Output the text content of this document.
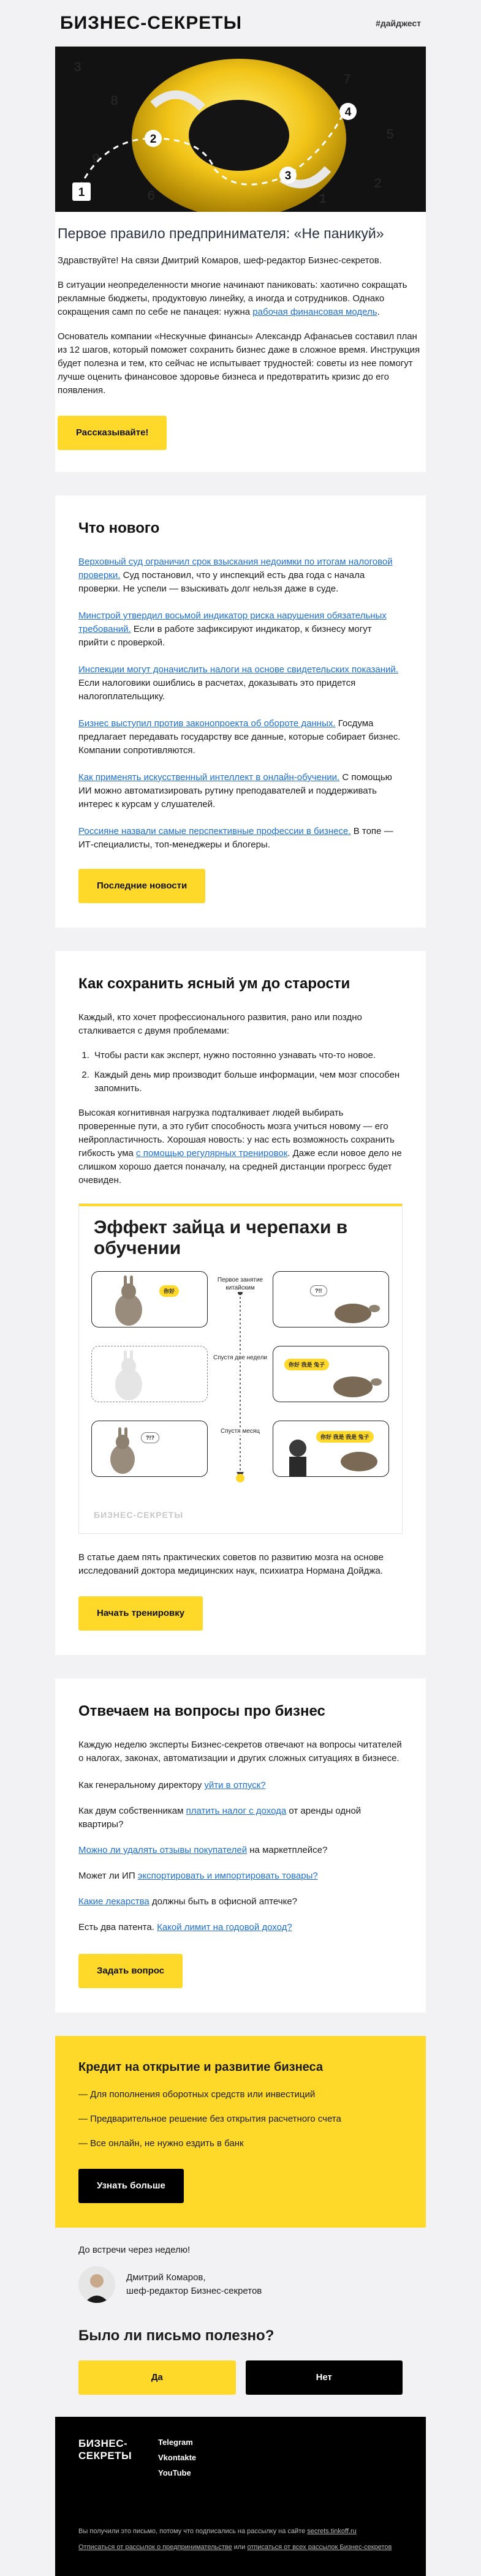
БИЗНЕС-СЕКРЕТЫ	#дайджест
3
8
7
5
9
2
6	1
1
2
3
4
Первое правило предпринимателя: «Не паникуй»

Здравствуйте! На связи Дмитрий Комаров, шеф-редактор Бизнес-секретов.

В ситуации неопределенности многие начинают паниковать: хаотично сокращать рекламные бюджеты, продуктовую линейку, а иногда и сотрудников. Однако сокращения самп по себе не панацея: нужна рабочая финансовая модель.

Основатель компании «Нескучные финансы» Александр Афанасьев составил план из 12 шагов, который поможет сохранить бизнес даже в сложное время. Инструкция будет полезна и тем, кто сейчас не испытывает трудностей: советы из нее помогут лучше оценить финансовое здоровье бизнеса и предотвратить кризис до его появления.

Рассказывайте!
Что нового
Верховный суд ограничил срок взыскания недоимки по итогам налоговой проверки. Суд постановил, что у инспекций есть два года с начала проверки. Не успели — взыскивать долг нельзя даже в суде.
Минстрой утвердил восьмой индикатор риска нарушения обязательных требований. Если в работе зафиксируют индикатор, к бизнесу могут прийти с проверкой.
Инспекции могут доначислить налоги на основе свидетельских показаний. Если налоговики ошиблись в расчетах, доказывать это придется налогоплательщику.
Бизнес выступил против законопроекта об обороте данных. Госдума предлагает передавать государству все данные, которые собирает бизнес. Компании сопротивляются.
Как применять искусственный интеллект в онлайн-обучении. С помощью ИИ можно автоматизировать рутину преподавателей и поддерживать интерес к курсам у слушателей.
Россияне назвали самые перспективные профессии в бизнесе. В топе — ИТ-специалисты, топ-менеджеры и блогеры.
Последние новости
Как сохранить ясный ум до старости

Каждый, кто хочет профессионального развития, рано или поздно сталкивается с двумя проблемами:

1. Чтобы расти как эксперт, нужно постоянно узнавать что-то новое.
2. Каждый день мир производит больше информации, чем мозг способен запомнить.

Высокая когнитивная нагрузка подталкивает людей выбирать проверенные пути, а это губит способность мозга учиться новому — его нейропластичность. Хорошая новость: у нас есть возможность сохранить гибкость ума с помощью регулярных тренировок. Даже если новое дело не слишком хорошо дается поначалу, на средней дистанции прогресс будет очевиден.

Эффект зайца и черепахи в обучении
Первое занятие китайским
Спустя две недели
Спустя месяц
你好
?!?
?!!
你好 我是 兔子
你好 我是 我是 兔子
БИЗНЕС-СЕКРЕТЫ

В статье даем пять практических советов по развитию мозга на основе исследований доктора медицинских наук, психиатра Нормана Дойджа.

Начать тренировку
Отвечаем на вопросы про бизнес

Каждую неделю эксперты Бизнес-секретов отвечают на вопросы читателей о налогах, законах, автоматизации и других сложных ситуациях в бизнесе.

Как генеральному директору уйти в отпуск?
Как двум собственникам платить налог с дохода от аренды одной квартиры?
Можно ли удалять отзывы покупателей на маркетплейсе?
Может ли ИП экспортировать и импортировать товары?
Какие лекарства должны быть в офисной аптечке?
Есть два патента. Какой лимит на годовой доход?
Задать вопрос
Кредит на открытие и развитие бизнеса
— Для пополнения оборотных средств или инвестиций
— Предварительное решение без открытия расчетного счета
— Все онлайн, не нужно ездить в банк
Узнать больше
До встречи через неделю!
Дмитрий Комаров,
шеф-редактор Бизнес-секретов
Было ли письмо полезно?
Да	Нет
БИЗНЕС-
СЕКРЕТЫ
Telegram
Vkontakte
YouTube

Вы получили это письмо, потому что подписались на рассылку на сайте secrets.tinkoff.ru

Отписаться от рассылок о предпринимательстве или отписаться от всех рассылок Бизнес-секретов
